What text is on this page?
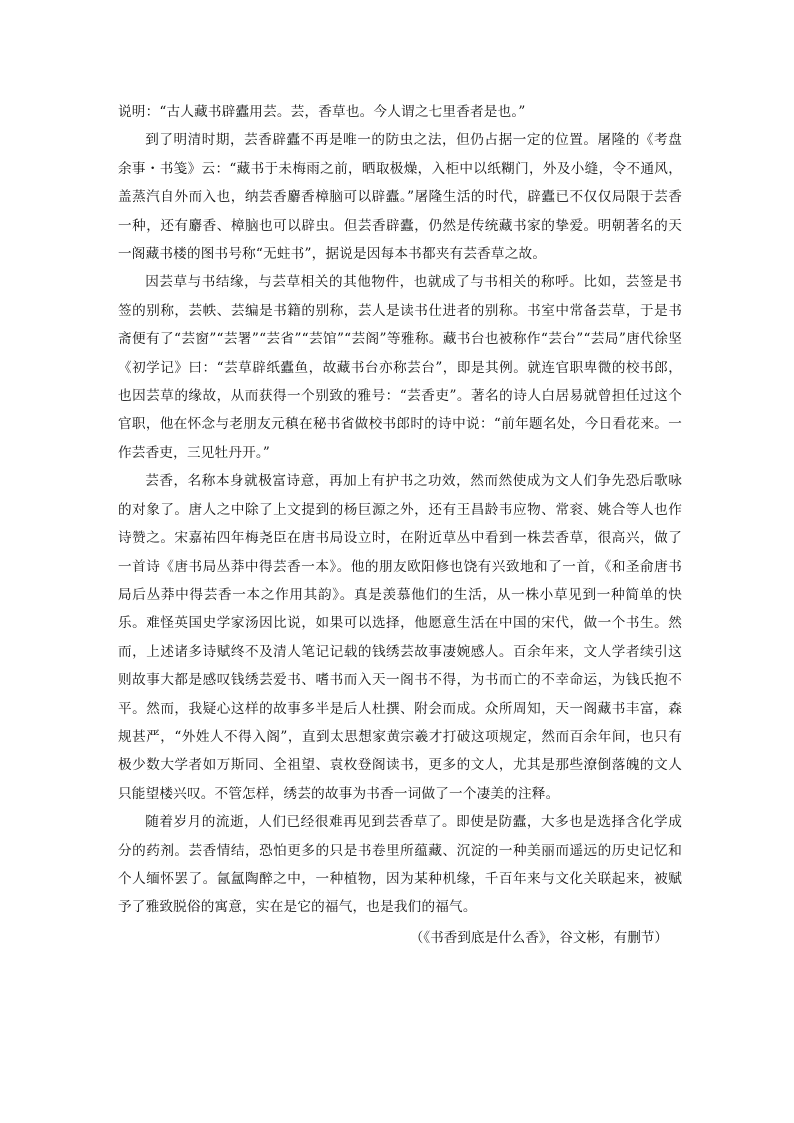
说明：“古人藏书辟蠹用芸。芸，香草也。今人谓之七里香者是也。”

到了明清时期，芸香辟蠹不再是唯一的防虫之法，但仍占据一定的位置。屠隆的《考盘余事・书笺》云：“藏书于未梅雨之前，晒取极燥，入柜中以纸糊门，外及小缝，令不通风，盖蒸汽自外而入也，纳芸香麝香樟脑可以辟蠹。”屠隆生活的时代，辟蠹已不仅仅局限于芸香一种，还有麝香、樟脑也可以辟虫。但芸香辟蠹，仍然是传统藏书家的挚爱。明朝著名的天一阁藏书楼的图书号称“无蛀书”，据说是因每本书都夹有芸香草之故。

因芸草与书结缘，与芸草相关的其他物件，也就成了与书相关的称呼。比如，芸签是书签的别称，芸帙、芸编是书籍的别称，芸人是读书仕进者的别称。书室中常备芸草，于是书斋便有了“芸窗”“芸署”“芸省”“芸馆”“芸阁”等雅称。藏书台也被称作“芸台”“芸局”唐代徐坚《初学记》曰：“芸草辟纸蠹鱼，故藏书台亦称芸台”，即是其例。就连官职卑微的校书郎，也因芸草的缘故，从而获得一个别致的雅号：“芸香吏”。著名的诗人白居易就曾担任过这个官职，他在怀念与老朋友元稹在秘书省做校书郎时的诗中说：“前年题名处，今日看花来。一作芸香吏，三见牡丹开。”

芸香，名称本身就极富诗意，再加上有护书之功效，然而然使成为文人们争先恐后歌咏的对象了。唐人之中除了上文提到的杨巨源之外，还有王昌龄韦应物、常衮、姚合等人也作诗赞之。宋嘉祐四年梅尧臣在唐书局设立时，在附近草丛中看到一株芸香草，很高兴，做了一首诗《唐书局丛莽中得芸香一本》。他的朋友欧阳修也饶有兴致地和了一首，《和圣俞唐书局后丛莽中得芸香一本之作用其韵》。真是羡慕他们的生活，从一株小草见到一种简单的快乐。难怪英国史学家汤因比说，如果可以选择，他愿意生活在中国的宋代，做一个书生。然而，上述诸多诗赋终不及清人笔记记载的钱绣芸故事凄婉感人。百余年来，文人学者续引这则故事大都是感叹钱绣芸爱书、嗜书而入天一阁书不得，为书而亡的不幸命运，为钱氏抱不平。然而，我疑心这样的故事多半是后人杜撰、附会而成。众所周知，天一阁藏书丰富，森规甚严，“外姓人不得入阁”，直到太思想家黄宗羲才打破这项规定，然而百余年间，也只有极少数大学者如万斯同、全祖望、袁枚登阁读书，更多的文人，尤其是那些潦倒落魄的文人只能望楼兴叹。不管怎样，绣芸的故事为书香一词做了一个凄美的注释。

随着岁月的流逝，人们已经很难再见到芸香草了。即使是防蠹，大多也是选择含化学成分的药剂。芸香情结，恐怕更多的只是书卷里所蕴藏、沉淀的一种美丽而遥远的历史记忆和个人缅怀罢了。氤氲陶醉之中，一种植物，因为某种机缘，千百年来与文化关联起来，被赋予了雅致脱俗的寓意，实在是它的福气，也是我们的福气。

（《书香到底是什么香》，谷文彬，有删节）
